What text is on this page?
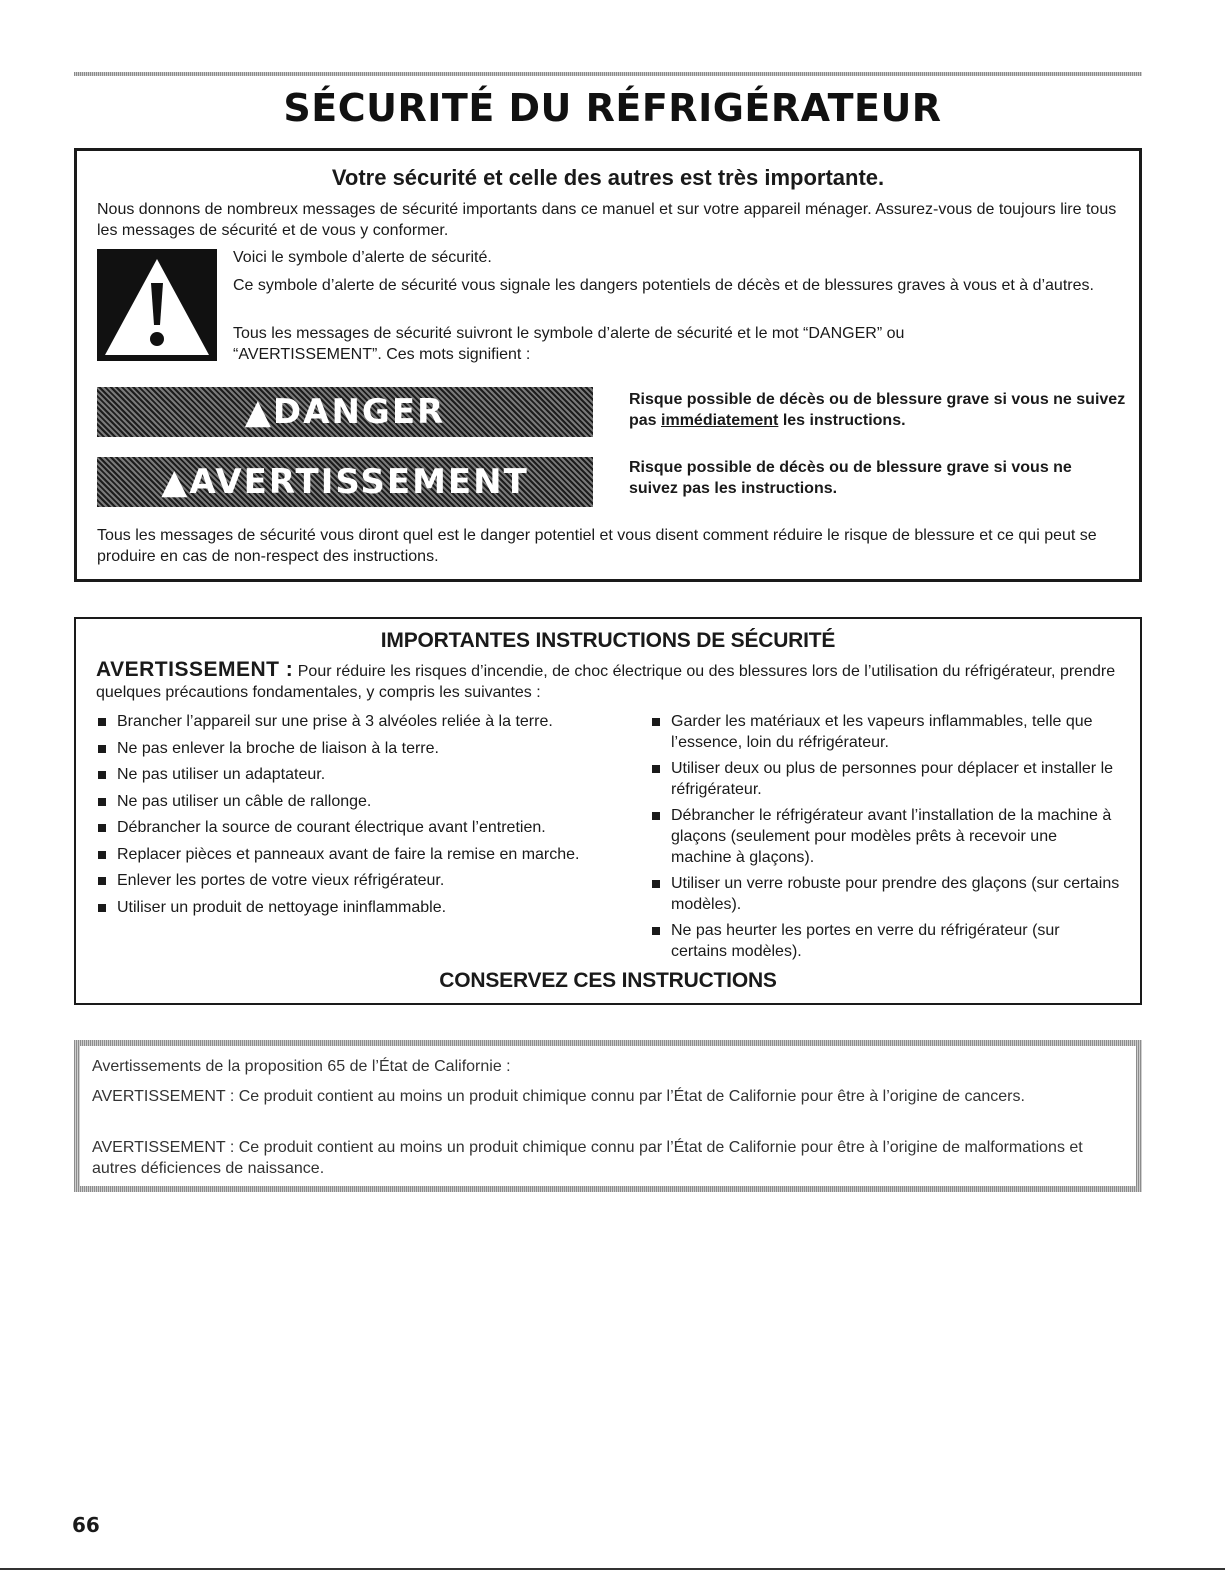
SÉCURITÉ DU RÉFRIGÉRATEUR
Votre sécurité et celle des autres est très importante.

Nous donnons de nombreux messages de sécurité importants dans ce manuel et sur votre appareil ménager. Assurez-vous de toujours lire tous les messages de sécurité et de vous y conformer.

Voici le symbole d’alerte de sécurité.

Ce symbole d’alerte de sécurité vous signale les dangers potentiels de décès et de blessures graves à vous et à d’autres.

Tous les messages de sécurité suivront le symbole d’alerte de sécurité et le mot “DANGER” ou “AVERTISSEMENT”. Ces mots signifient :

▲DANGER	Risque possible de décès ou de blessure grave si vous ne suivez pas immédiatement les instructions.

▲AVERTISSEMENT	Risque possible de décès ou de blessure grave si vous ne suivez pas les instructions.

Tous les messages de sécurité vous diront quel est le danger potentiel et vous disent comment réduire le risque de blessure et ce qui peut se produire en cas de non-respect des instructions.

IMPORTANTES INSTRUCTIONS DE SÉCURITÉ

AVERTISSEMENT : Pour réduire les risques d’incendie, de choc électrique ou des blessures lors de l’utilisation du réfrigérateur, prendre quelques précautions fondamentales, y compris les suivantes :

Brancher l’appareil sur une prise à 3 alvéoles reliée à la terre.
Ne pas enlever la broche de liaison à la terre.
Ne pas utiliser un adaptateur.
Ne pas utiliser un câble de rallonge.
Débrancher la source de courant électrique avant l’entretien.
Replacer pièces et panneaux avant de faire la remise en marche.
Enlever les portes de votre vieux réfrigérateur.
Utiliser un produit de nettoyage ininflammable.
Garder les matériaux et les vapeurs inflammables, telle que l’essence, loin du réfrigérateur.
Utiliser deux ou plus de personnes pour déplacer et installer le réfrigérateur.
Débrancher le réfrigérateur avant l’installation de la machine à glaçons (seulement pour modèles prêts à recevoir une machine à glaçons).
Utiliser un verre robuste pour prendre des glaçons (sur certains modèles).
Ne pas heurter les portes en verre du réfrigérateur (sur certains modèles).
CONSERVEZ CES INSTRUCTIONS

Avertissements de la proposition 65 de l’État de Californie :

AVERTISSEMENT : Ce produit contient au moins un produit chimique connu par l’État de Californie pour être à l’origine de cancers.

AVERTISSEMENT : Ce produit contient au moins un produit chimique connu par l’État de Californie pour être à l’origine de malformations et autres déficiences de naissance.

66
